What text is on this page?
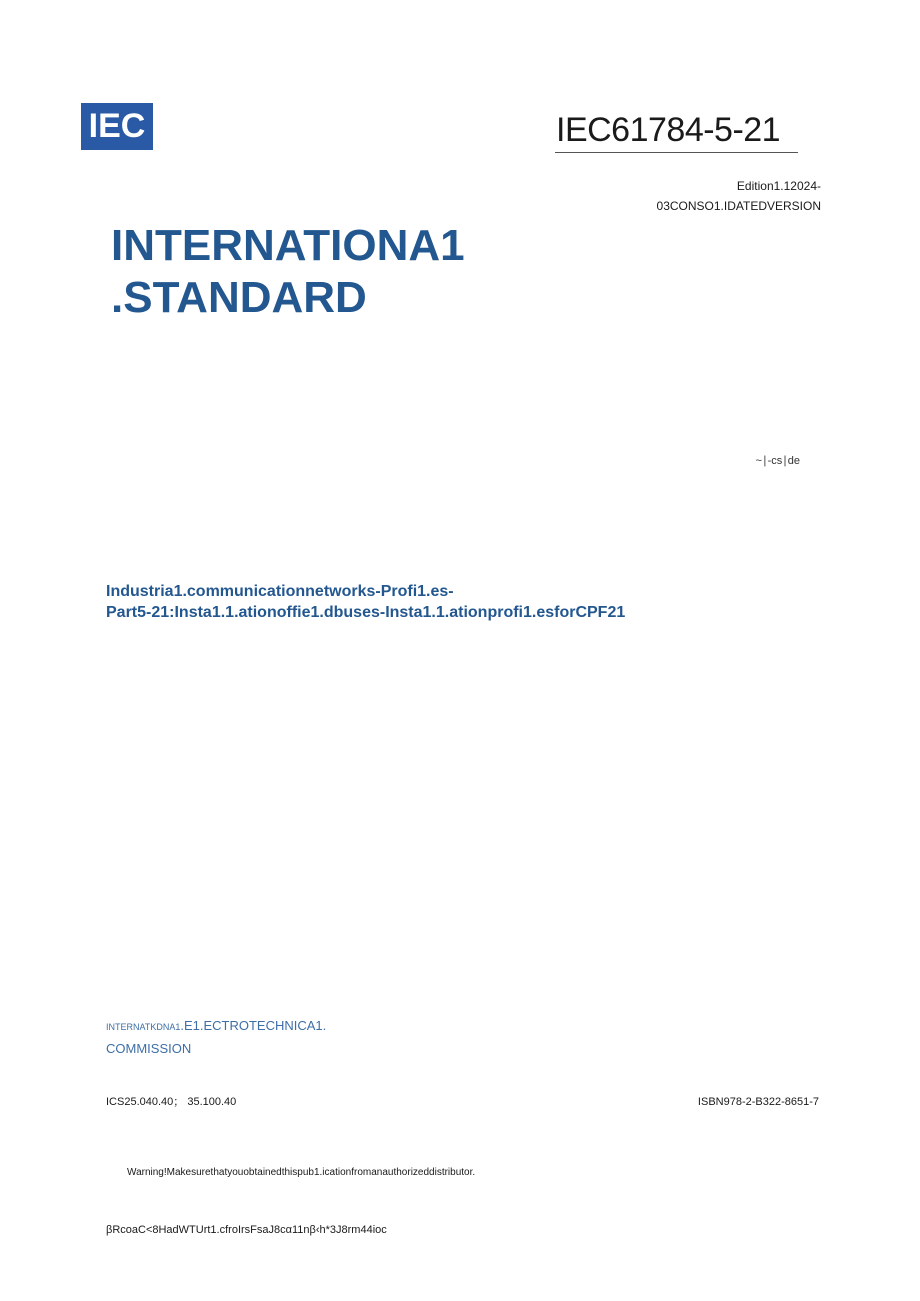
IEC	IEC61784-5-21
Edition1.12024-
03CONSO1.IDATEDVERSION
INTERNATIONA1
.STANDARD
~∣-cs∣de
Industria1.communicationnetworks-Profi1.es-
Part5-21:Insta1.1.ationoffie1.dbuses-Insta1.1.ationprofi1.esforCPF21
INTERNATKDNA1.E1.ECTROTECHNICA1.
COMMISSION
ICS25.040.40； 35.100.40	ISBN978-2-B322-8651-7
Warning!Makesurethatyouobtainedthispub1.icationfromanauthorizeddistributor.
βRcoaC<8HadWTUrt1.cfroIrsFsaJ8cα11nβ‹h*3J8rm44ioc
